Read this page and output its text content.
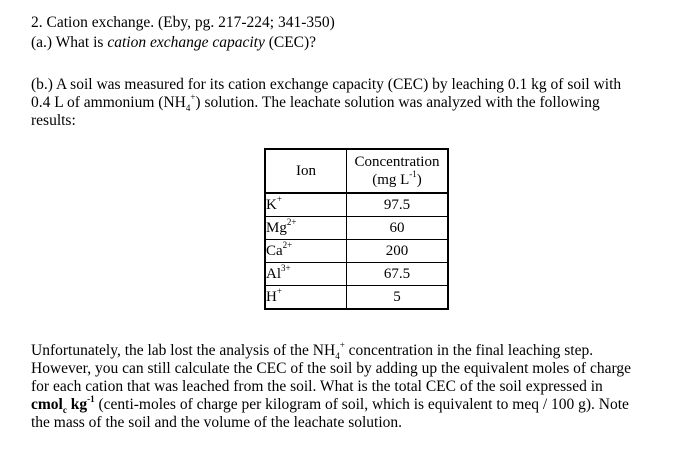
2. Cation exchange. (Eby, pg. 217-224; 341-350)
(a.) What is cation exchange capacity (CEC)?
(b.) A soil was measured for its cation exchange capacity (CEC) by leaching 0.1 kg of soil with
0.4 L of ammonium $(NH_4^+)$ solution. The leachate solution was analyzed with the following
results:
Ion	Concentration
(mg $L^{-1}$)
K+	97.5
$Mg^{2+}$	60
$Ca^{2+}$	200
$Al^{3+}$	67.5
H+	5
Unfortunately, the lab lost the analysis of the $NH_4^+$ concentration in the final leaching step.
However, you can still calculate the CEC of the soil by adding up the equivalent moles of charge
for each cation that was leached from the soil. What is the total CEC of the soil expressed in
cmol$_c$ $kg^{-1}$ (centi-moles of charge per kilogram of soil, which is equivalent to meq / 100 g). Note
the mass of the soil and the volume of the leachate solution.
